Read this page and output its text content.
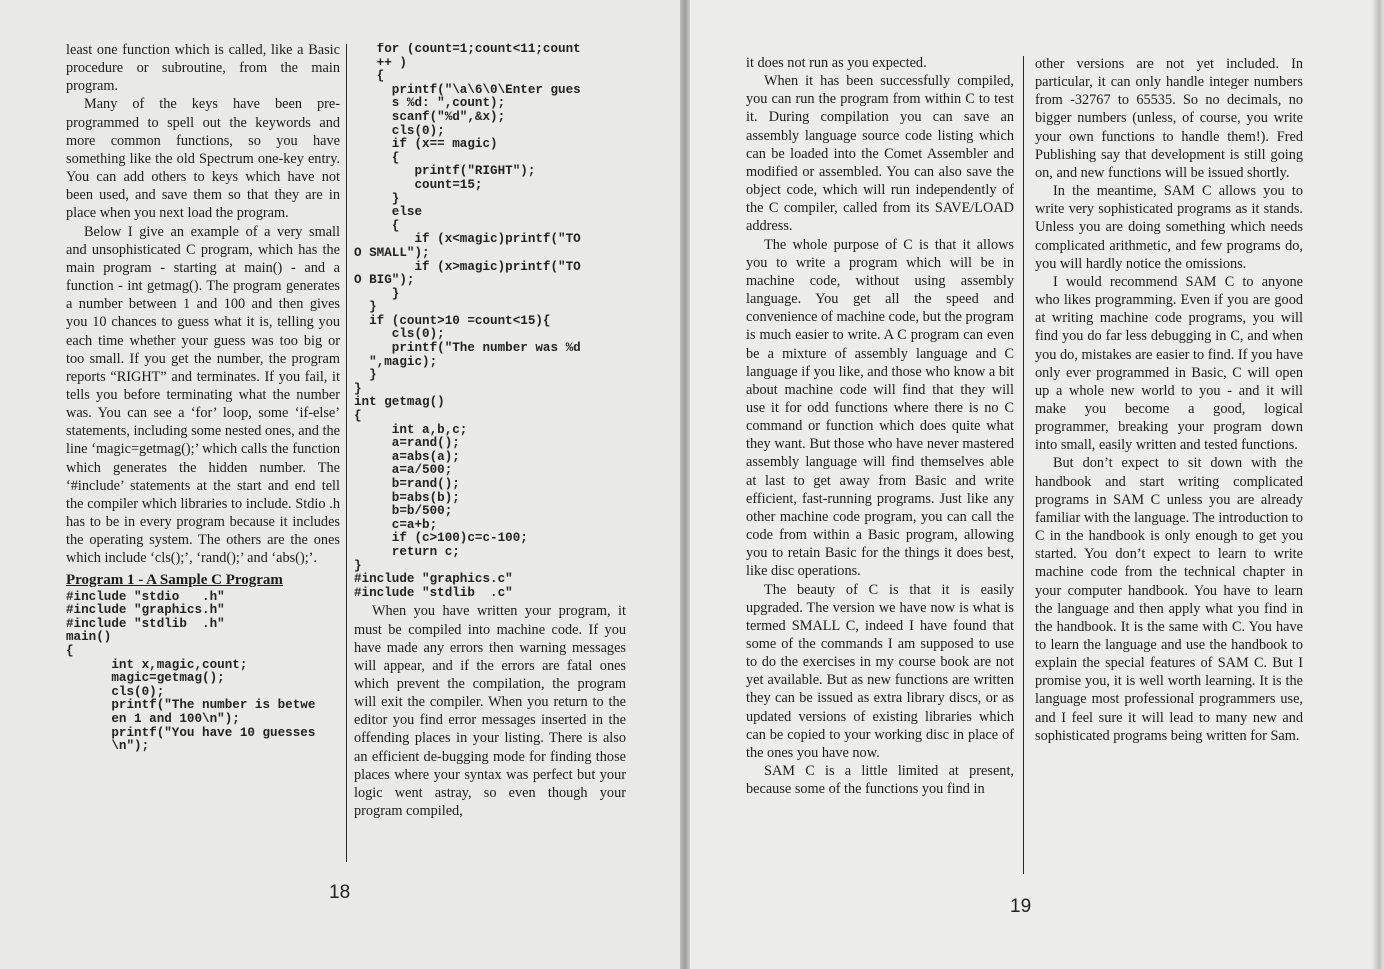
least one function which is called, like a Basic procedure or subroutine, from the main program.

Many of the keys have been pre-programmed to spell out the keywords and more common functions, so you have something like the old Spectrum one-key entry. You can add others to keys which have not been used, and save them so that they are in place when you next load the program.

Below I give an example of a very small and unsophisticated C program, which has the main program - starting at main() - and a function - int getmag(). The program generates a number between 1 and 100 and then gives you 10 chances to guess what it is, telling you each time whether your guess was too big or too small. If you get the number, the program reports “RIGHT” and terminates. If you fail, it tells you before terminating what the number was. You can see a ‘for’ loop, some ‘if-else’ statements, including some nested ones, and the line ‘magic=getmag();’ which calls the function which generates the hidden number. The ‘#include’ statements at the start and end tell the compiler which libraries to include. Stdio .h has to be in every program because it includes the operating system. The others are the ones which include ‘cls();’, ‘rand();’ and ‘abs();’.

Program 1 - A Sample C Program
#include "stdio   .h"
#include "graphics.h"
#include "stdlib  .h"
main()
{
int x,magic,count;
magic=getmag();
cls(0);
printf("The number is betwe
en 1 and 100\n");
printf("You have 10 guesses
\n");
for (count=1;count<11;count
++ )
{
printf("\a\6\0\Enter gues
s %d: ",count);
scanf("%d",&x);
cls(0);
if (x== magic)
{
printf("RIGHT");
count=15;
}
else
{
if (x<magic)printf("TO
O SMALL");
if (x>magic)printf("TO
O BIG");
}
}
if (count>10 =count<15){
cls(0);
printf("The number was %d
",magic);
}
}
int getmag()
{
int a,b,c;
a=rand();
a=abs(a);
a=a/500;
b=rand();
b=abs(b);
b=b/500;
c=a+b;
if (c>100)c=c-100;
return c;
}
#include "graphics.c"
#include "stdlib  .c"

When you have written your program, it must be compiled into machine code. If you have made any errors then warning messages will appear, and if the errors are fatal ones which prevent the compilation, the program will exit the compiler. When you return to the editor you find error messages inserted in the offending places in your listing. There is also an efficient de-bugging mode for finding those places where your syntax was perfect but your logic went astray, so even though your program compiled,

18

it does not run as you expected.

When it has been successfully compiled, you can run the program from within C to test it. During compilation you can save an assembly language source code listing which can be loaded into the Comet Assembler and modified or assembled. You can also save the object code, which will run independently of the C compiler, called from its SAVE/LOAD address.

The whole purpose of C is that it allows you to write a program which will be in machine code, without using assembly language. You get all the speed and convenience of machine code, but the program is much easier to write. A C program can even be a mixture of assembly language and C language if you like, and those who know a bit about machine code will find that they will use it for odd functions where there is no C command or function which does quite what they want. But those who have never mastered assembly language will find themselves able at last to get away from Basic and write efficient, fast-running programs. Just like any other machine code program, you can call the code from within a Basic program, allowing you to retain Basic for the things it does best, like disc operations.

The beauty of C is that it is easily upgraded. The version we have now is what is termed SMALL C, indeed I have found that some of the commands I am supposed to use to do the exercises in my course book are not yet available. But as new functions are written they can be issued as extra library discs, or as updated versions of existing libraries which can be copied to your working disc in place of the ones you have now.

SAM C is a little limited at present, because some of the functions you find in

other versions are not yet included. In particular, it can only handle integer numbers from -32767 to 65535. So no decimals, no bigger numbers (unless, of course, you write your own functions to handle them!). Fred Publishing say that development is still going on, and new functions will be issued shortly.

In the meantime, SAM C allows you to write very sophisticated programs as it stands. Unless you are doing something which needs complicated arithmetic, and few programs do, you will hardly notice the omissions.

I would recommend SAM C to anyone who likes programming. Even if you are good at writing machine code programs, you will find you do far less debugging in C, and when you do, mistakes are easier to find. If you have only ever programmed in Basic, C will open up a whole new world to you - and it will make you become a good, logical programmer, breaking your program down into small, easily written and tested functions.

But don’t expect to sit down with the handbook and start writing complicated programs in SAM C unless you are already familiar with the language. The introduction to C in the handbook is only enough to get you started. You don’t expect to learn to write machine code from the technical chapter in your computer handbook. You have to learn the language and then apply what you find in the handbook. It is the same with C. You have to learn the language and use the handbook to explain the special features of SAM C. But I promise you, it is well worth learning. It is the language most professional programmers use, and I feel sure it will lead to many new and sophisticated programs being written for Sam.

19
